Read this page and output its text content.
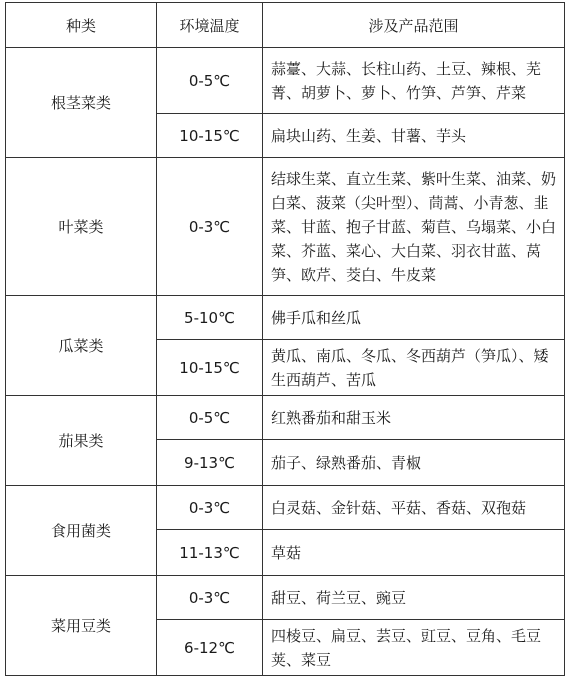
种类	环境温度	涉及产品范围
根茎菜类	0-5℃	蒜薹、大蒜、长柱山药、土豆、辣根、芜菁、胡萝卜、萝卜、竹笋、芦笋、芹菜
	10-15℃	扁块山药、生姜、甘薯、芋头
叶菜类	0-3℃	结球生菜、直立生菜、紫叶生菜、油菜、奶白菜、菠菜（尖叶型）、茼蒿、小青葱、韭菜、甘蓝、抱子甘蓝、菊苣、乌塌菜、小白菜、芥蓝、菜心、大白菜、羽衣甘蓝、莴笋、欧芹、茭白、牛皮菜
瓜菜类	5-10℃	佛手瓜和丝瓜
	10-15℃	黄瓜、南瓜、冬瓜、冬西葫芦（笋瓜）、矮生西葫芦、苦瓜
茄果类	0-5℃	红熟番茄和甜玉米
	9-13℃	茄子、绿熟番茄、青椒
食用菌类	0-3℃	白灵菇、金针菇、平菇、香菇、双孢菇
	11-13℃	草菇
菜用豆类	0-3℃	甜豆、荷兰豆、豌豆
	6-12℃	四棱豆、扁豆、芸豆、豇豆、豆角、毛豆荚、菜豆
